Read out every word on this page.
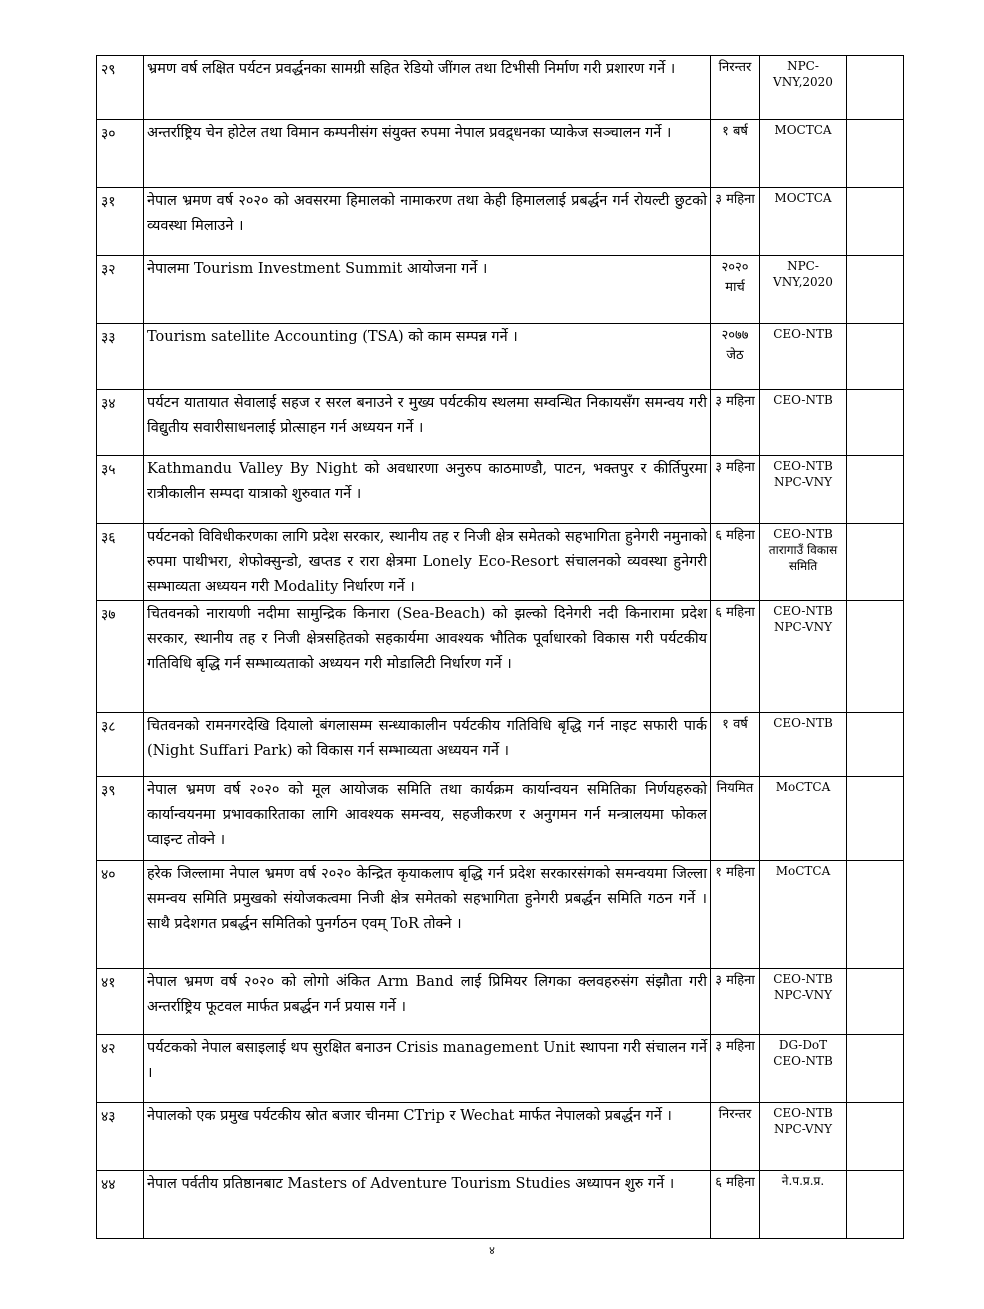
२९	भ्रमण वर्ष लक्षित पर्यटन प्रवर्द्धनका सामग्री सहित रेडियो जींगल तथा टिभीसी निर्माण गरी प्रशारण गर्ने ।	निरन्तर	NPC-
VNY,2020	

३०	अन्तर्राष्ट्रिय चेन होटेल तथा विमान कम्पनीसंग संयुक्त रुपमा नेपाल प्रवद्र्धनका प्याकेज सञ्चालन गर्ने ।	१ बर्ष	MOCTCA	

३१	नेपाल भ्रमण वर्ष २०२० को अवसरमा हिमालको नामाकरण तथा केही हिमाललाई प्रबर्द्धन गर्न रोयल्टी छुटको व्यवस्था मिलाउने ।	३ महिना	MOCTCA	

३२	नेपालमा Tourism Investment Summit आयोजना गर्ने ।	२०२० मार्च	NPC-
VNY,2020	

३३	Tourism satellite Accounting (TSA) को काम सम्पन्न गर्ने ।	२०७७ जेठ	CEO-NTB	

३४	पर्यटन यातायात सेवालाई सहज र सरल बनाउने र मुख्य पर्यटकीय स्थलमा सम्वन्धित निकायसँग समन्वय गरी विद्युतीय सवारीसाधनलाई प्रोत्साहन गर्न अध्ययन गर्ने ।	३ महिना	CEO-NTB	

३५	Kathmandu Valley By Night को अवधारणा अनुरुप काठमाण्डौ, पाटन, भक्तपुर र कीर्तिपुरमा रात्रीकालीन सम्पदा यात्राको शुरुवात गर्ने ।	३ महिना	CEO-NTB
NPC-VNY	

३६	पर्यटनको विविधीकरणका लागि प्रदेश सरकार, स्थानीय तह र निजी क्षेत्र समेतको सहभागिता हुनेगरी नमुनाको रुपमा पाथीभरा, शेफोक्सुन्डो, खप्तड र रारा क्षेत्रमा Lonely Eco-Resort संचालनको व्यवस्था हुनेगरी सम्भाव्यता अध्ययन गरी Modality निर्धारण गर्ने ।	६ महिना	CEO-NTB
तारागाउँ विकास समिति	

३७	चितवनको नारायणी नदीमा सामुन्द्रिक किनारा (Sea-Beach) को झल्को दिनेगरी नदी किनारामा प्रदेश सरकार, स्थानीय तह र निजी क्षेत्रसहितको सहकार्यमा आवश्यक भौतिक पूर्वाधारको विकास गरी पर्यटकीय गतिविधि बृद्धि गर्न सम्भाव्यताको अध्ययन गरी मोडालिटी निर्धारण गर्ने ।	६ महिना	CEO-NTB
NPC-VNY	

३८	चितवनको रामनगरदेखि दियालो बंगलासम्म सन्ध्याकालीन पर्यटकीय गतिविधि बृद्धि गर्न नाइट सफारी पार्क (Night Suffari Park) को विकास गर्न सम्भाव्यता अध्ययन गर्ने ।	१ वर्ष	CEO-NTB	

३९	नेपाल भ्रमण वर्ष २०२० को मूल आयोजक समिति तथा कार्यक्रम कार्यान्वयन समितिका निर्णयहरुको कार्यान्वयनमा प्रभावकारिताका लागि आवश्यक समन्वय, सहजीकरण र अनुगमन गर्न मन्त्रालयमा फोकल प्वाइन्ट तोक्ने ।	नियमित	MoCTCA	

४०	हरेक जिल्लामा नेपाल भ्रमण वर्ष २०२० केन्द्रित कृयाकलाप बृद्धि गर्न प्रदेश सरकारसंगको समन्वयमा जिल्ला समन्वय समिति प्रमुखको संयोजकत्वमा निजी क्षेत्र समेतको सहभागिता हुनेगरी प्रबर्द्धन समिति गठन गर्ने । साथै प्रदेशगत प्रबर्द्धन समितिको पुनर्गठन एवम् ToR तोक्ने ।	१ महिना	MoCTCA	

४१	नेपाल भ्रमण वर्ष २०२० को लोगो अंकित Arm Band लाई प्रिमियर लिगका क्लवहरुसंग संझौता गरी अन्तर्राष्ट्रिय फूटवल मार्फत प्रबर्द्धन गर्न प्रयास गर्ने ।	३ महिना	CEO-NTB
NPC-VNY	

४२	पर्यटकको नेपाल बसाइलाई थप सुरक्षित बनाउन Crisis management Unit स्थापना गरी संचालन गर्ने ।	३ महिना	DG-DoT
CEO-NTB	

४३	नेपालको एक प्रमुख पर्यटकीय स्रोत बजार चीनमा CTrip र Wechat मार्फत नेपालको प्रबर्द्धन गर्ने ।	निरन्तर	CEO-NTB
NPC-VNY	

४४	नेपाल पर्वतीय प्रतिष्ठानबाट Masters of Adventure Tourism Studies अध्यापन शुरु गर्ने ।	६ महिना	ने.प.प्र.प्र.	

४
